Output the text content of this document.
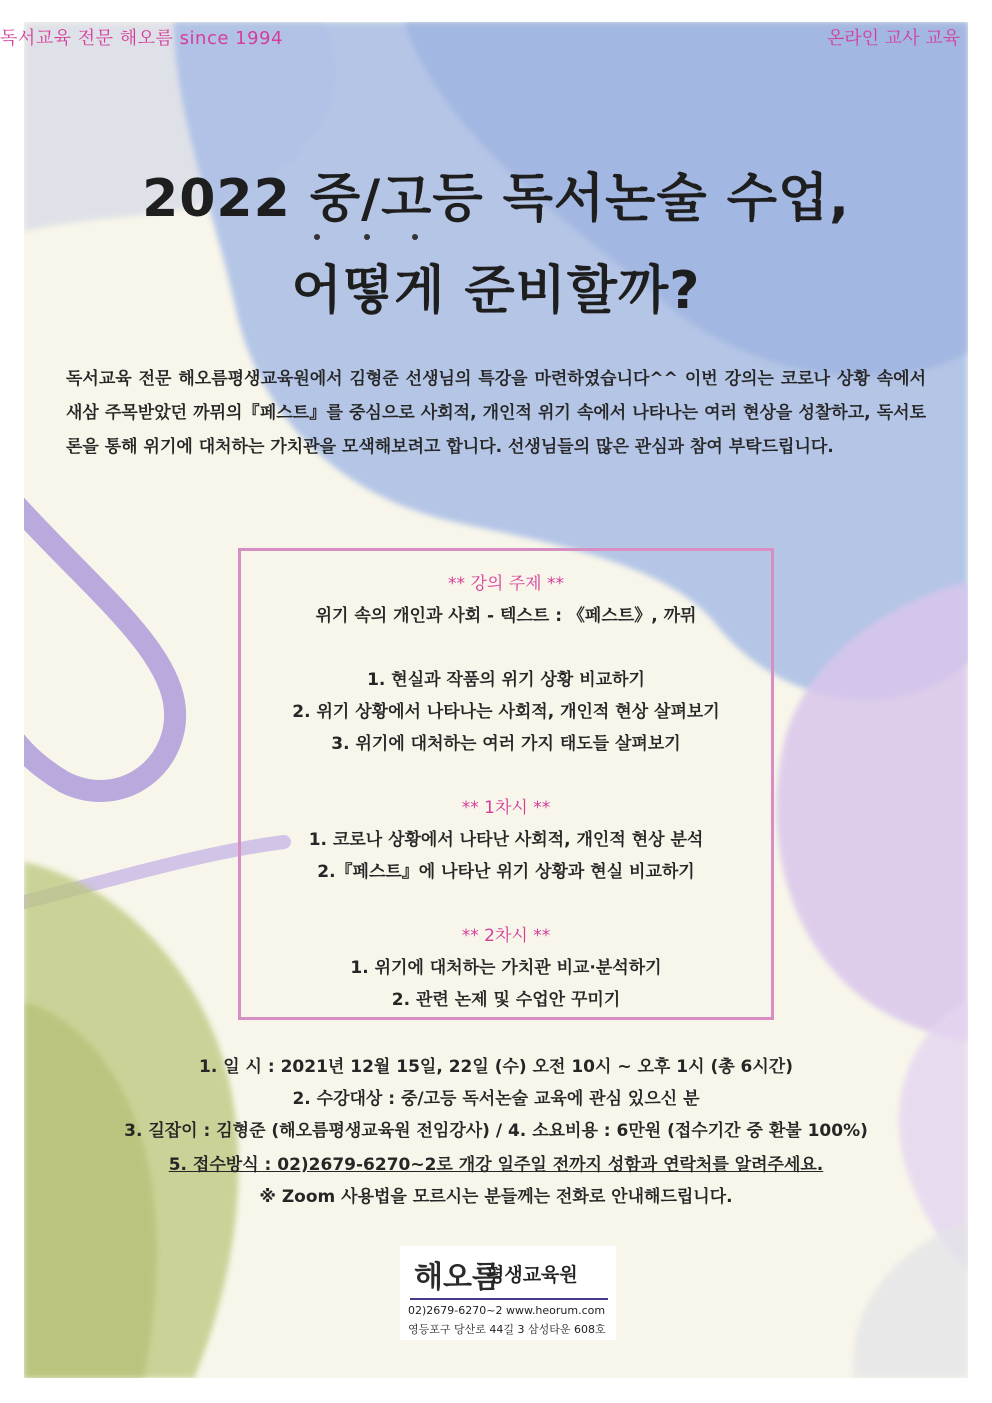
독서교육 전문 해오름 since 1994	온라인 교사 교육
2022 중/고등 독서논술 수업,
어떻게 준비할까?
독서교육 전문 해오름평생교육원에서 김형준 선생님의 특강을 마련하였습니다^^ 이번 강의는 코로나 상황 속에서 새삼 주목받았던 까뮈의『페스트』를 중심으로 사회적, 개인적 위기 속에서 나타나는 여러 현상을 성찰하고, 독서토론을 통해 위기에 대처하는 가치관을 모색해보려고 합니다. 선생님들의 많은 관심과 참여 부탁드립니다.
** 강의 주제 **
위기 속의 개인과 사회 - 텍스트 : 《페스트》, 까뮈
1. 현실과 작품의 위기 상황 비교하기
2. 위기 상황에서 나타나는 사회적, 개인적 현상 살펴보기
3. 위기에 대처하는 여러 가지 태도들 살펴보기
** 1차시 **
1. 코로나 상황에서 나타난 사회적, 개인적 현상 분석
2.『페스트』에 나타난 위기 상황과 현실 비교하기
** 2차시 **
1. 위기에 대처하는 가치관 비교·분석하기
2. 관련 논제 및 수업안 꾸미기
1. 일 시 : 2021년 12월 15일, 22일 (수) 오전 10시 ~ 오후 1시 (총 6시간)
2. 수강대상 : 중/고등 독서논술 교육에 관심 있으신 분
3. 길잡이 : 김형준 (해오름평생교육원 전임강사) / 4. 소요비용 : 6만원 (접수기간 중 환불 100%)
5. 접수방식 : 02)2679-6270~2로 개강 일주일 전까지 성함과 연락처를 알려주세요.
※ Zoom 사용법을 모르시는 분들께는 전화로 안내해드립니다.
해오름
평생교육원
02)2679-6270~2 www.heorum.com
영등포구 당산로 44길 3 삼성타운 608호
